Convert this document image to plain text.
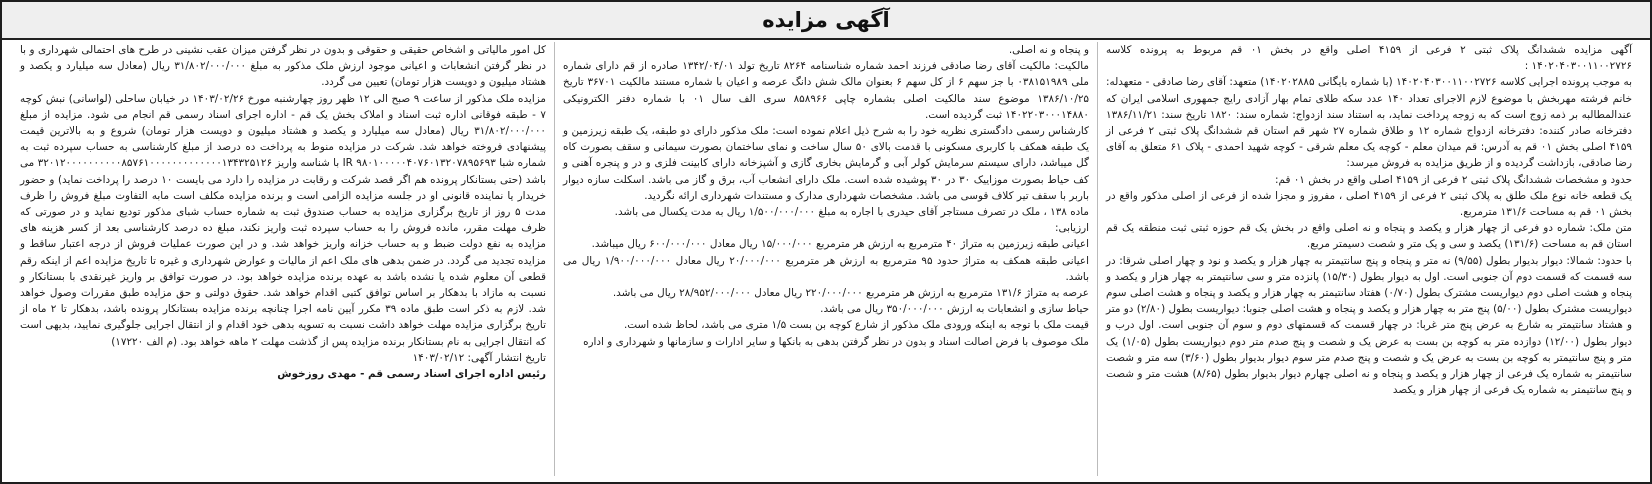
آگهی مزایده

آگهی مزایده ششدانگ پلاک ثبتی ۲ فرعی از ۴۱۵۹ اصلی واقع در بخش ۰۱ قم مربوط به پرونده کلاسه ۱۴۰۲۰۴۰۳۰۰۱۱۰۰۲۷۲۶ :

به موجب پرونده اجرایی کلاسه ۱۴۰۲۰۴۰۳۰۰۱۱۰۰۲۷۲۶ (با شماره بایگانی ۱۴۰۲۰۲۸۸۵) متعهد: آقای رضا صادقی - متعهدله: خانم فرشته مهربخش با موضوع لازم الاجرای تعداد ۱۴۰ عدد سکه طلای تمام بهار آزادی رایج جمهوری اسلامی ایران که عندالمطالبه بر ذمه زوج است که به زوجه پرداخت نماید، به استناد سند ازدواج: شماره سند: ۱۸۲۰ تاریخ سند: ۱۳۸۶/۱۱/۲۱ دفترخانه صادر کننده: دفترخانه ازدواج شماره ۱۲ و طلاق شماره ۲۷ شهر قم استان قم ششدانگ پلاک ثبتی ۲ فرعی از ۴۱۵۹ اصلی بخش ۰۱ قم به آدرس: قم میدان معلم - کوچه یک معلم شرقی - کوچه شهید احمدی - پلاک ۶۱ متعلق به آقای رضا صادقی، بازداشت گردیده و از طریق مزایده به فروش میرسد:

حدود و مشخصات ششدانگ پلاک ثبتی ۲ فرعی از ۴۱۵۹ اصلی واقع در بخش ۰۱ قم:

یک قطعه خانه نوع ملک طلق به پلاک ثبتی ۲ فرعی از ۴۱۵۹ اصلی ، مفروز و مجزا شده از فرعی از اصلی مذکور واقع در بخش ۰۱ قم به مساحت ۱۳۱/۶ مترمربع.

متن ملک: شماره دو فرعی از چهار هزار و یکصد و پنجاه و نه اصلی واقع در بخش یک قم حوزه ثبتی ثبت منطقه یک قم استان قم به مساحت (۱۳۱/۶) یکصد و سی و یک متر و شصت دسیمتر مربع.

با حدود: شمالا: دیوار بدیوار بطول (۹/۵۵) نه متر و پنجاه و پنج سانتیمتر به چهار هزار و یکصد و نود و چهار اصلی شرقا: در سه قسمت که قسمت دوم آن جنوبی است. اول به دیوار بطول (۱۵/۳۰) پانزده متر و سی سانتیمتر به چهار هزار و یکصد و پنجاه و هشت اصلی دوم دیواریست مشترک بطول (۰/۷۰) هفتاد سانتیمتر به چهار هزار و یکصد و پنجاه و هشت اصلی سوم دیواریست مشترک بطول (۵/۰۰) پنج متر به چهار هزار و یکصد و پنجاه و هشت اصلی جنوبا: دیواریست بطول (۲/۸۰) دو متر و هشتاد سانتیمتر به شارع به عرض پنج متر غربا: در چهار قسمت که قسمتهای دوم و سوم آن جنوبی است. اول درب و دیوار بطول (۱۲/۰۰) دوازده متر به کوچه بن بست به عرض یک و شصت و پنج صدم متر دوم دیواریست بطول (۱/۰۵) یک متر و پنج سانتیمتر به کوچه بن بست به عرض یک و شصت و پنج صدم متر سوم دیوار بدیوار بطول (۳/۶۰) سه متر و شصت سانتیمتر به شماره یک فرعی از چهار هزار و یکصد و پنجاه و نه اصلی چهارم دیوار بدیوار بطول (۸/۶۵) هشت متر و شصت و پنج سانتیمتر به شماره یک فرعی از چهار هزار و یکصد

و پنجاه و نه اصلی.

مالکیت: مالکیت آقای رضا صادقی فرزند احمد شماره شناسنامه ۸۲۶۴ تاریخ تولد ۱۳۴۲/۰۴/۰۱ صادره از قم دارای شماره ملی ۰۳۸۱۵۱۹۸۹ با جز سهم ۶ از کل سهم ۶ بعنوان مالک شش دانگ عرصه و اعیان با شماره مستند مالکیت ۳۶۷۰۱ تاریخ ۱۳۸۶/۱۰/۲۵ موضوع سند مالکیت اصلی بشماره چاپی ۸۵۸۹۶۶ سری الف سال ۰۱ با شماره دفتر الکترونیکی ۱۴۰۲۲۰۳۰۰۰۱۴۸۸۰ ثبت گردیده است.

کارشناس رسمی دادگستری نظریه خود را به شرح ذیل اعلام نموده است: ملک مذکور دارای دو طبقه، یک طبقه زیرزمین و یک طبقه همکف با کاربری مسکونی با قدمت بالای ۵۰ سال ساخت و نمای ساختمان بصورت سیمانی و سقف بصورت کاه گل میباشد، دارای سیستم سرمایش کولر آبی و گرمایش بخاری گازی و آشپزخانه دارای کابینت فلزی و در و پنجره آهنی و کف حیاط بصورت موزاییک ۳۰ در ۳۰ پوشیده شده است. ملک دارای انشعاب آب، برق و گاز می باشد. اسکلت سازه دیوار باربر با سقف تیر کلاف قوسی می باشد. مشخصات شهرداری مدارک و مستندات شهرداری ارائه نگردید.

ماده ۱۳۸ ، ملک در تصرف مستاجر آقای حیدری با اجاره به مبلغ ۱/۵۰۰/۰۰۰/۰۰۰ ریال به مدت یکسال می باشد.

ارزیابی:

اعیانی طبقه زیرزمین به متراژ ۴۰ مترمربع به ارزش هر مترمربع ۱۵/۰۰۰/۰۰۰ ریال معادل ۶۰۰/۰۰۰/۰۰۰ ریال میباشد.

اعیانی طبقه همکف به متراژ حدود ۹۵ مترمربع به ارزش هر مترمربع ۲۰/۰۰۰/۰۰۰ ریال معادل ۱/۹۰۰/۰۰۰/۰۰۰ ریال می باشد.

عرصه به متراژ ۱۳۱/۶ مترمربع به ارزش هر مترمربع ۲۲۰/۰۰۰/۰۰۰ ریال معادل ۲۸/۹۵۲/۰۰۰/۰۰۰ ریال می باشد.

حیاط سازی و انشعابات به ارزش ۳۵۰/۰۰۰/۰۰۰ ریال می باشد.

قیمت ملک با توجه به اینکه ورودی ملک مذکور از شارع کوچه بن بست ۱/۵ متری می باشد، لحاظ شده است.

ملک موصوف با فرض اصالت اسناد و بدون در نظر گرفتن بدهی به بانکها و سایر ادارات و سازمانها و شهرداری و اداره

کل امور مالیاتی و اشخاص حقیقی و حقوقی و بدون در نظر گرفتن میزان عقب نشینی در طرح های احتمالی شهرداری و با در نظر گرفتن انشعابات و اعیانی موجود ارزش ملک مذکور به مبلغ ۳۱/۸۰۲/۰۰۰/۰۰۰ ریال (معادل سه میلیارد و یکصد و هشتاد میلیون و دویست هزار تومان) تعیین می گردد.

مزایده ملک مذکور از ساعت ۹ صبح الی ۱۲ ظهر روز چهارشنبه مورخ ۱۴۰۳/۰۲/۲۶ در خیابان ساحلی (لواسانی) نبش کوچه ۷ - طبقه فوقانی اداره ثبت اسناد و املاک بخش یک قم - اداره اجرای اسناد رسمی قم انجام می شود. مزایده از مبلغ ۳۱/۸۰۲/۰۰۰/۰۰۰ ریال (معادل سه میلیارد و یکصد و هشتاد میلیون و دویست هزار تومان) شروع و به بالاترین قیمت پیشنهادی فروخته خواهد شد. شرکت در مزایده منوط به پرداخت ده درصد از مبلغ کارشناسی به حساب سپرده ثبت به شماره شبا IR ۹۸۰۱۰۰۰۰۰۴۰۷۶۰۱۳۲۰۷۸۹۵۶۹۳ با شناسه واریز ۳۲۰۱۲۰۰۰۰۰۰۰۰۰۰۸۵۷۶۱۰۰۰۰۰۰۰۰۰۰۰۰۰۱۳۴۳۲۵۱۲۶ می باشد (حتی بستانکار پرونده هم اگر قصد شرکت و رقابت در مزایده را دارد می بایست ۱۰ درصد را پرداخت نماید) و حضور خریدار یا نماینده قانونی او در جلسه مزایده الزامی است و برنده مزایده مکلف است مابه التفاوت مبلغ فروش را ظرف مدت ۵ روز از تاریخ برگزاری مزایده به حساب صندوق ثبت به شماره حساب شبای مذکور تودیع نماید و در صورتی که ظرف مهلت مقرر، مانده فروش را به حساب سپرده ثبت واریز نکند، مبلغ ده درصد کارشناسی بعد از کسر هزینه های مزایده به نفع دولت ضبط و به حساب خزانه واریز خواهد شد. و در این صورت عملیات فروش از درجه اعتبار ساقط و مزایده تجدید می گردد. در ضمن بدهی های ملک اعم از مالیات و عوارض شهرداری و غیره تا تاریخ مزایده اعم از اینکه رقم قطعی آن معلوم شده یا نشده باشد به عهده برنده مزایده خواهد بود. در صورت توافق بر واریز غیرنقدی با بستانکار و نسبت به مازاد با بدهکار بر اساس توافق کتبی اقدام خواهد شد. حقوق دولتی و حق مزایده طبق مقررات وصول خواهد شد. لازم به ذکر است طبق ماده ۳۹ مکرر آیین نامه اجرا چنانچه برنده مزایده بستانکار پرونده باشد، بدهکار تا ۲ ماه از تاریخ برگزاری مزایده مهلت خواهد داشت نسبت به تسویه بدهی خود اقدام و از انتقال اجرایی جلوگیری نمایید، بدیهی است که انتقال اجرایی به نام بستانکار برنده مزایده پس از گذشت مهلت ۲ ماهه خواهد بود. (م الف ۱۷۲۲۰)

تاریخ انتشار آگهی: ۱۴۰۳/۰۲/۱۲

رئیس اداره اجرای اسناد رسمی قم - مهدی روزخوش
